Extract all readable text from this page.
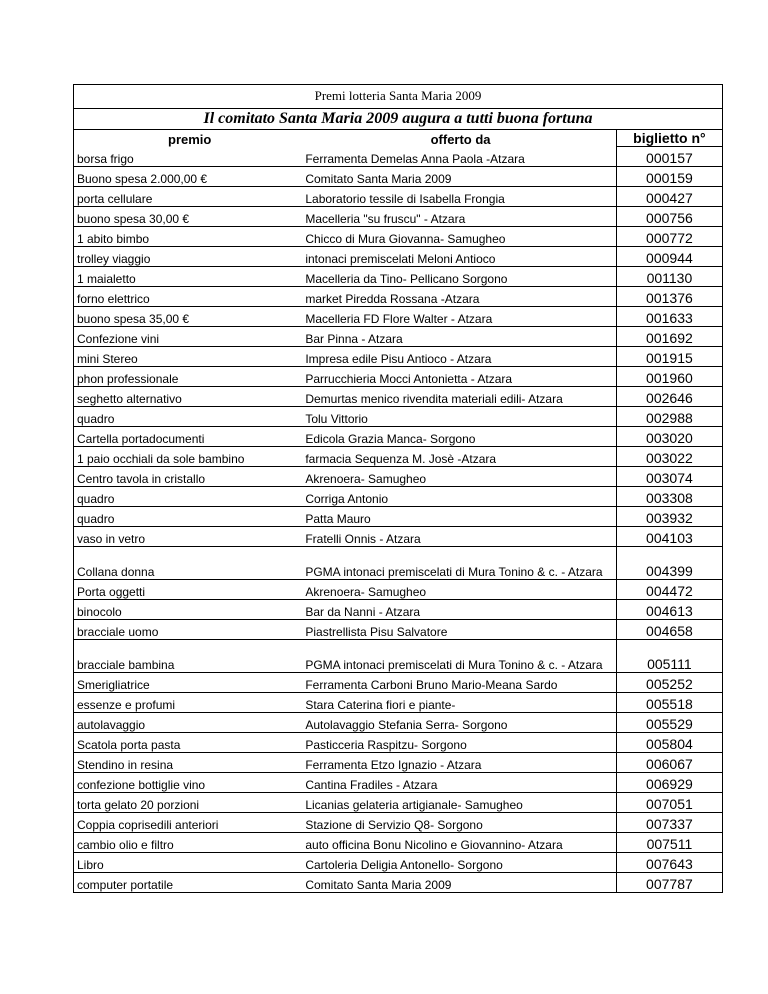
Premi lotteria Santa Maria 2009
Il comitato Santa Maria 2009 augura a tutti buona fortuna
premio	offerto da	biglietto n°
borsa frigo	Ferramenta Demelas Anna Paola -Atzara	000157
Buono spesa 2.000,00 €	Comitato Santa Maria 2009	000159
porta cellulare	Laboratorio tessile di Isabella Frongia	000427
buono spesa 30,00 €	Macelleria "su fruscu" - Atzara	000756
1 abito bimbo	Chicco di Mura Giovanna- Samugheo	000772
trolley viaggio	intonaci premiscelati Meloni Antioco	000944
1 maialetto	Macelleria da Tino- Pellicano Sorgono	001130
forno elettrico	market Piredda Rossana -Atzara	001376
buono spesa 35,00 €	Macelleria FD Flore Walter - Atzara	001633
Confezione vini	Bar Pinna - Atzara	001692
mini Stereo	Impresa edile Pisu Antioco - Atzara	001915
phon professionale	Parrucchieria Mocci Antonietta - Atzara	001960
seghetto alternativo	Demurtas menico rivendita materiali edili- Atzara	002646
quadro	Tolu Vittorio	002988
Cartella portadocumenti	Edicola Grazia Manca- Sorgono	003020
1 paio occhiali da sole bambino	farmacia Sequenza M. Josè -Atzara	003022
Centro tavola in cristallo	Akrenoera- Samugheo	003074
quadro	Corriga Antonio	003308
quadro	Patta Mauro	003932
vaso in vetro	Fratelli Onnis - Atzara	004103
Collana donna	PGMA intonaci premiscelati di Mura Tonino & c. - Atzara	004399
Porta oggetti	Akrenoera- Samugheo	004472
binocolo	Bar da Nanni - Atzara	004613
bracciale uomo	Piastrellista Pisu Salvatore	004658
bracciale bambina	PGMA intonaci premiscelati di Mura Tonino & c. - Atzara	005111
Smerigliatrice	Ferramenta Carboni Bruno Mario-Meana Sardo	005252
essenze e profumi	Stara Caterina fiori e piante-	005518
autolavaggio	Autolavaggio Stefania Serra- Sorgono	005529
Scatola porta pasta	Pasticceria Raspitzu- Sorgono	005804
Stendino in resina	Ferramenta Etzo Ignazio - Atzara	006067
confezione bottiglie vino	Cantina Fradiles - Atzara	006929
torta gelato 20 porzioni	Licanias gelateria artigianale- Samugheo	007051
Coppia coprisedili anteriori	Stazione di Servizio Q8- Sorgono	007337
cambio olio e filtro	auto officina Bonu Nicolino e Giovannino- Atzara	007511
Libro	Cartoleria Deligia Antonello- Sorgono	007643
computer portatile	Comitato Santa Maria 2009	007787
